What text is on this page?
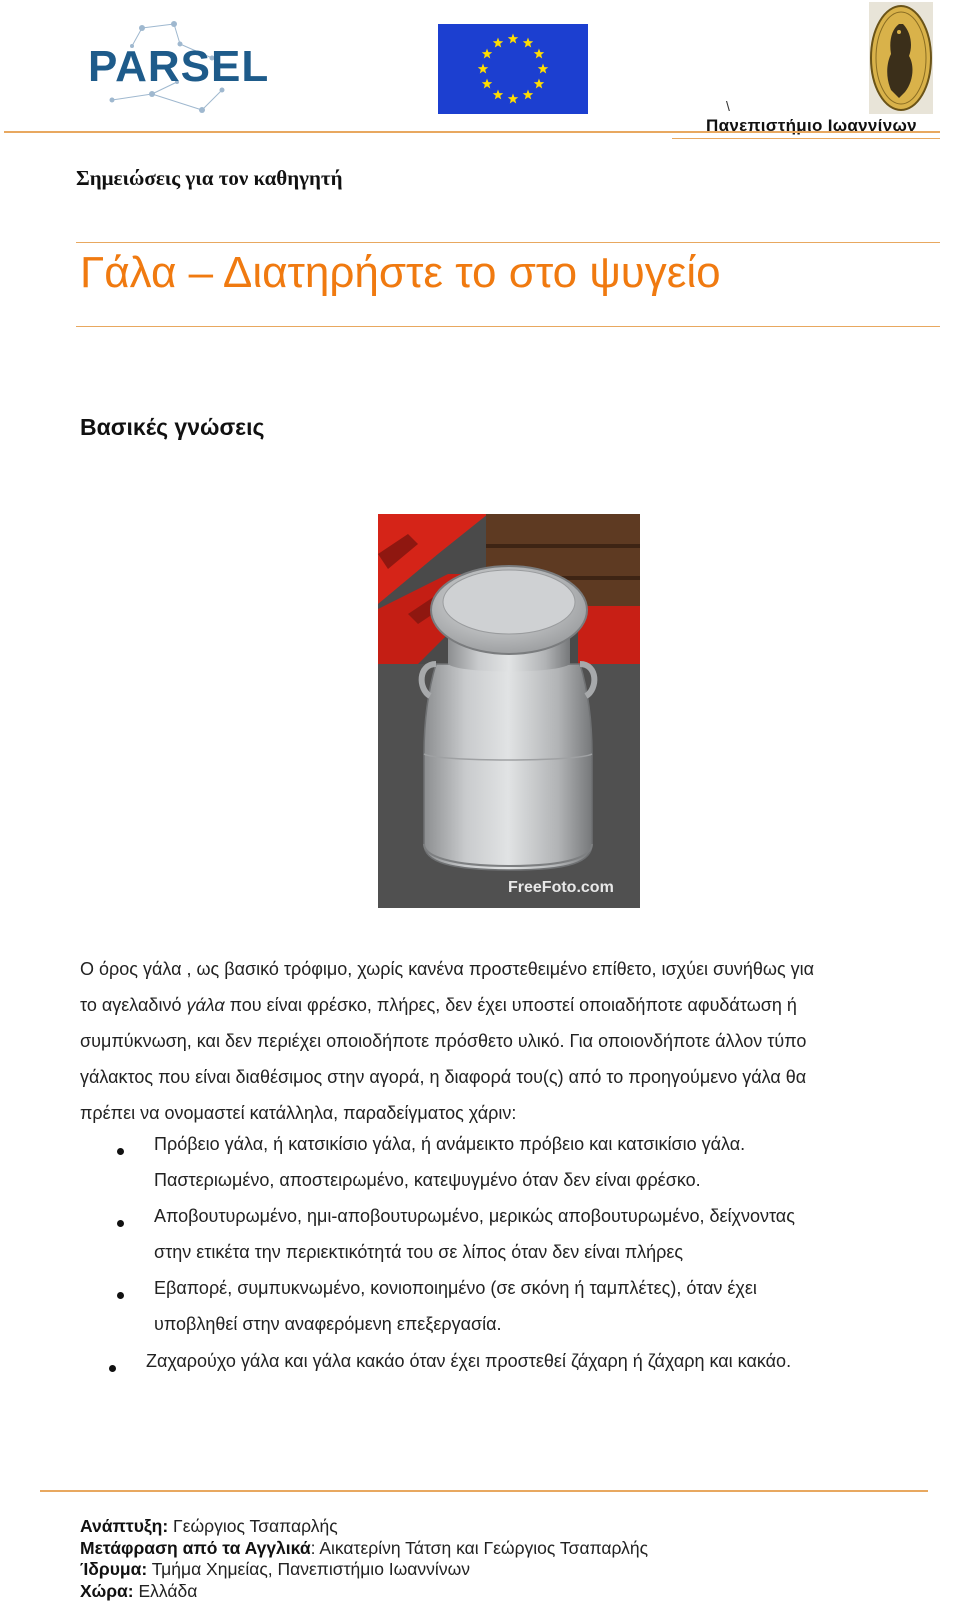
PARSEL
\
Πανεπιστήμιο Ιωαννίνων
Σημειώσεις για τον καθηγητή
Γάλα – Διατηρήστε το στο ψυγείο
Βασικές γνώσεις
FreeFoto.com

Ο όρος γάλα , ως βασικό τρόφιμο, χωρίς κανένα προστεθειμένο επίθετο, ισχύει συνήθως για

το αγελαδινό γάλα που είναι φρέσκο, πλήρες, δεν έχει υποστεί οποιαδήποτε αφυδάτωση ή

συμπύκνωση, και δεν περιέχει οποιοδήποτε πρόσθετο υλικό. Για οποιονδήποτε άλλον τύπο

γάλακτος που είναι διαθέσιμος στην αγορά, η διαφορά του(ς) από το προηγούμενο γάλα θα

πρέπει να ονομαστεί κατάλληλα, παραδείγματος χάριν:

Πρόβειο γάλα, ή κατσικίσιο γάλα, ή ανάμεικτο πρόβειο και κατσικίσιο γάλα.
Παστεριωμένο, αποστειρωμένο, κατεψυγμένο όταν δεν είναι φρέσκο.
Αποβουτυρωμένο, ημι-αποβουτυρωμένο, μερικώς αποβουτυρωμένο, δείχνοντας
στην ετικέτα την περιεκτικότητά του σε λίπος όταν δεν είναι πλήρες
Εβαπορέ, συμπυκνωμένο, κονιοποιημένο (σε σκόνη ή ταμπλέτες), όταν έχει
υποβληθεί στην αναφερόμενη επεξεργασία.
Ζαχαρούχο γάλα και γάλα κακάο όταν έχει προστεθεί ζάχαρη ή ζάχαρη και κακάο.
Ανάπτυξη: Γεώργιος Τσαπαρλής
Μετάφραση από τα Αγγλικά: Αικατερίνη Τάτση και Γεώργιος Τσαπαρλής
Ίδρυμα: Τμήμα Χημείας, Πανεπιστήμιο Ιωαννίνων
Χώρα: Ελλάδα
